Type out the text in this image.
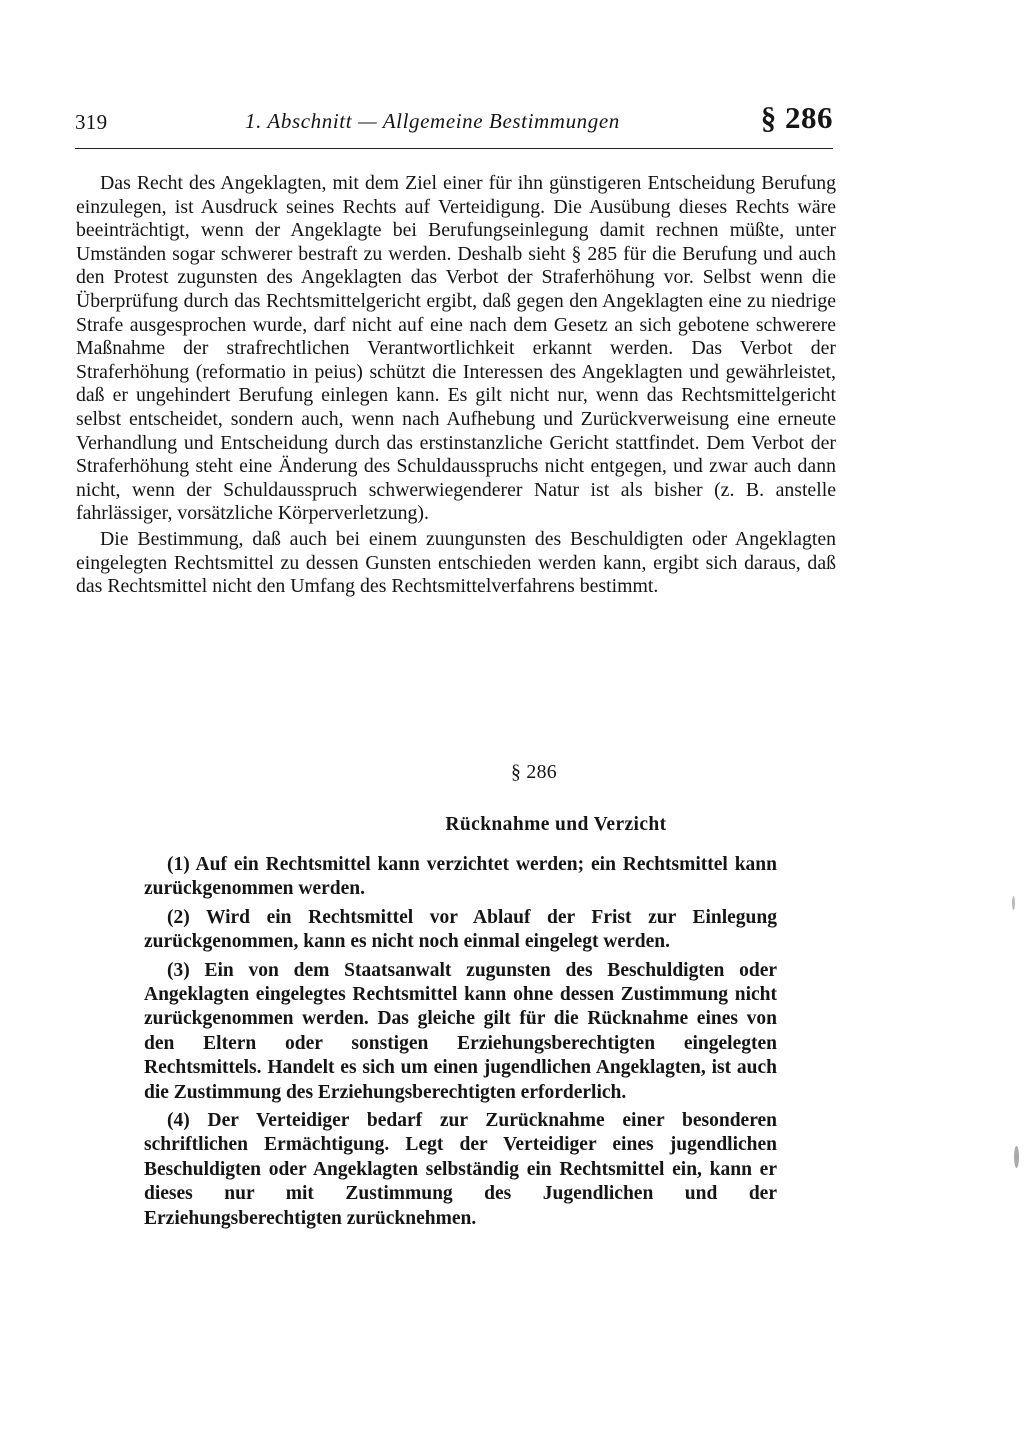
319	1. Abschnitt — Allgemeine Bestimmungen	§ 286

Das Recht des Angeklagten, mit dem Ziel einer für ihn günstigeren Entscheidung Berufung einzulegen, ist Ausdruck seines Rechts auf Verteidigung. Die Ausübung dieses Rechts wäre beeinträchtigt, wenn der Angeklagte bei Berufungseinlegung damit rechnen müßte, unter Umständen sogar schwerer bestraft zu werden. Deshalb sieht § 285 für die Berufung und auch den Protest zugunsten des Angeklagten das Verbot der Straferhöhung vor. Selbst wenn die Überprüfung durch das Rechtsmittelgericht ergibt, daß gegen den Angeklagten eine zu niedrige Strafe ausgesprochen wurde, darf nicht auf eine nach dem Gesetz an sich gebotene schwerere Maßnahme der strafrechtlichen Verantwortlichkeit erkannt werden. Das Verbot der Straferhöhung (reformatio in peius) schützt die Interessen des Angeklagten und gewährleistet, daß er ungehindert Berufung einlegen kann. Es gilt nicht nur, wenn das Rechtsmittelgericht selbst entscheidet, sondern auch, wenn nach Aufhebung und Zurückverweisung eine erneute Verhandlung und Entscheidung durch das erstinstanzliche Gericht stattfindet. Dem Verbot der Straferhöhung steht eine Änderung des Schuldausspruchs nicht entgegen, und zwar auch dann nicht, wenn der Schuldausspruch schwerwiegenderer Natur ist als bisher (z. B. anstelle fahrlässiger, vorsätzliche Körperverletzung).

Die Bestimmung, daß auch bei einem zuungunsten des Beschuldigten oder Angeklagten eingelegten Rechtsmittel zu dessen Gunsten entschieden werden kann, ergibt sich daraus, daß das Rechtsmittel nicht den Umfang des Rechtsmittelverfahrens bestimmt.

§ 286
Rücknahme und Verzicht

(1) Auf ein Rechtsmittel kann verzichtet werden; ein Rechtsmittel kann zurückgenommen werden.

(2) Wird ein Rechtsmittel vor Ablauf der Frist zur Einlegung zurückgenommen, kann es nicht noch einmal eingelegt werden.

(3) Ein von dem Staatsanwalt zugunsten des Beschuldigten oder Angeklagten eingelegtes Rechtsmittel kann ohne dessen Zustimmung nicht zurückgenommen werden. Das gleiche gilt für die Rücknahme eines von den Eltern oder sonstigen Erziehungsberechtigten eingelegten Rechtsmittels. Handelt es sich um einen jugendlichen Angeklagten, ist auch die Zustimmung des Erziehungsberechtigten erforderlich.

(4) Der Verteidiger bedarf zur Zurücknahme einer besonderen schriftlichen Ermächtigung. Legt der Verteidiger eines jugendlichen Beschuldigten oder Angeklagten selbständig ein Rechtsmittel ein, kann er dieses nur mit Zustimmung des Jugendlichen und der Erziehungsberechtigten zurücknehmen.
